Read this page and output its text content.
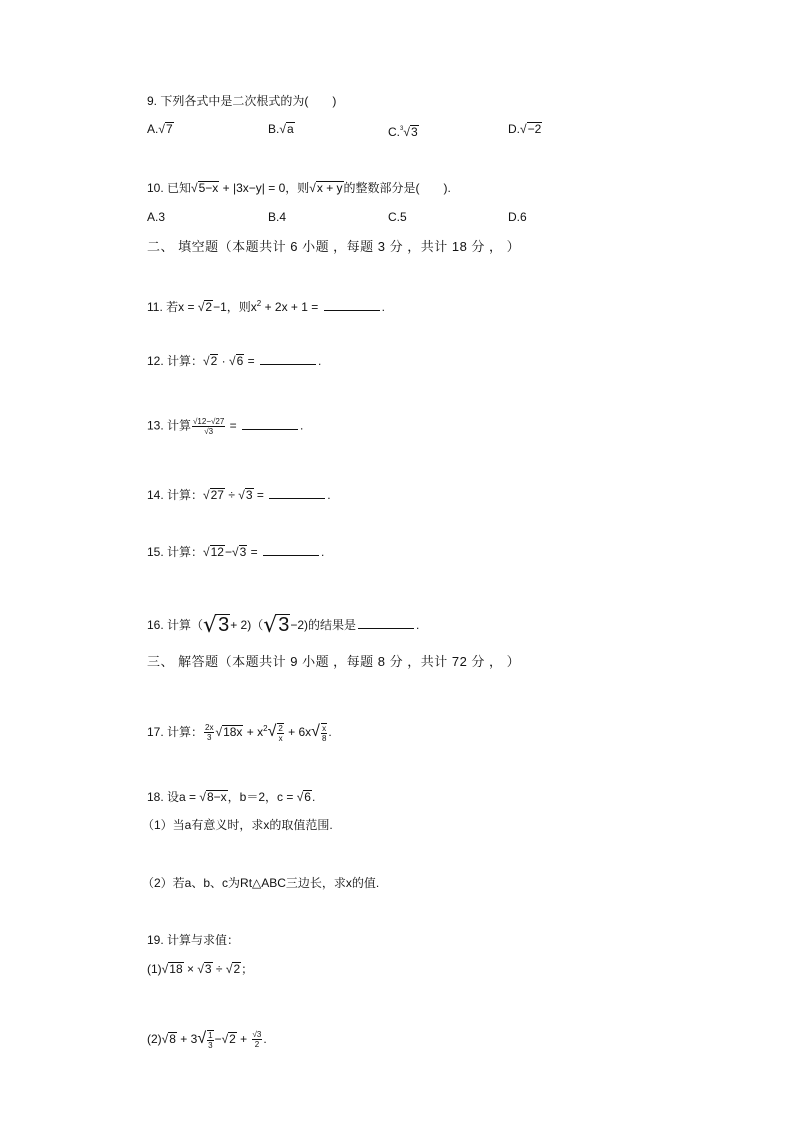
9. 下列各式中是二次根式的为(　　)
A.√7	B.√a	C.$^3$√3	D.√−2
10. 已知√5−x + |3x−y| = 0，则√x + y的整数部分是(　　).
A.3	B.4	C.5	D.6
二、 填空题（本题共计 6 小题 ，每题 3 分 ，共计 18 分 ， ）
11. 若x = √2−1，则$x^2 + 2x + 1$ =	.
12. 计算：√2 · √6 =	.
13. 计算 $\frac{√12-√27}{√3}$ =	.
14. 计算：√27 ÷ √3 =	.
15. 计算：√12−√3 =	.
16. 计算（√3+ 2)（√3−2)的结果是	.
三、 解答题（本题共计 9 小题 ，每题 8 分 ，共计 72 分 ， ）
17. 计算： $\frac{2x}{3} √18x + x^2√ \frac{2}{x} + 6x√ \frac{x}{8}$ .
18. 设a = √8−x，b＝2，c = √6.
（1）当a有意义时，求x的取值范围.
（2）若a、b、c为Rt△ABC三边长，求x的值.
19. 计算与求值：
(1)√18 × √3 ÷ √2；
$(2)√8 + 3√ \frac{1}{3} -√2 + \frac{√3}{2}$ .
